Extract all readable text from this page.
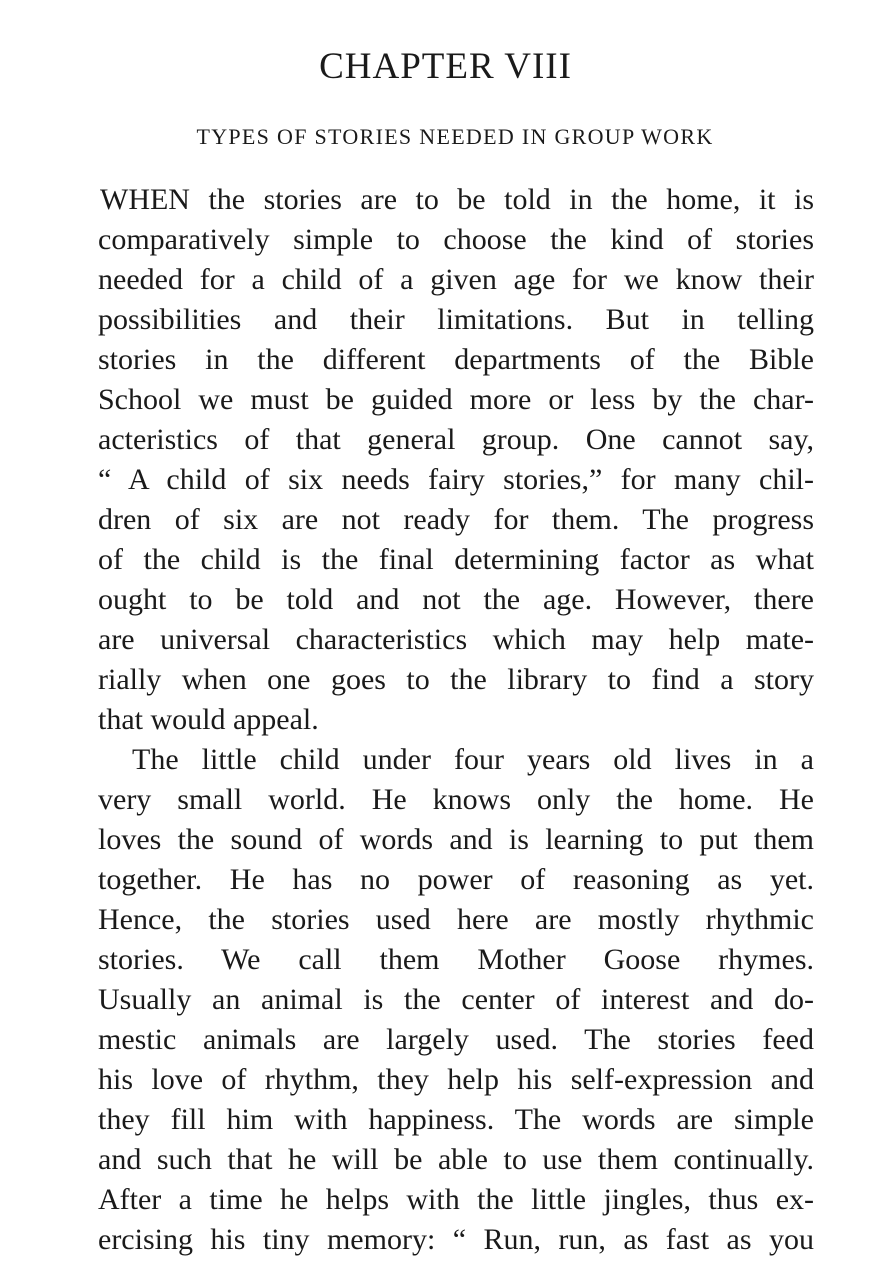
CHAPTER VIII
TYPES OF STORIES NEEDED IN GROUP WORK
WHEN the stories are to be told in the home, it is
comparatively simple to choose the kind of stories
needed for a child of a given age for we know their
possibilities and their limitations. But in telling
stories in the different departments of the Bible
School we must be guided more or less by the char-
acteristics of that general group. One cannot say,
“ A child of six needs fairy stories,” for many chil-
dren of six are not ready for them. The progress
of the child is the final determining factor as what
ought to be told and not the age. However, there
are universal characteristics which may help mate-
rially when one goes to the library to find a story
that would appeal.
The little child under four years old lives in a
very small world. He knows only the home. He
loves the sound of words and is learning to put them
together. He has no power of reasoning as yet.
Hence, the stories used here are mostly rhythmic
stories. We call them Mother Goose rhymes.
Usually an animal is the center of interest and do-
mestic animals are largely used. The stories feed
his love of rhythm, they help his self-expression and
they fill him with happiness. The words are simple
and such that he will be able to use them continually.
After a time he helps with the little jingles, thus ex-
ercising his tiny memory: “ Run, run, as fast as you
